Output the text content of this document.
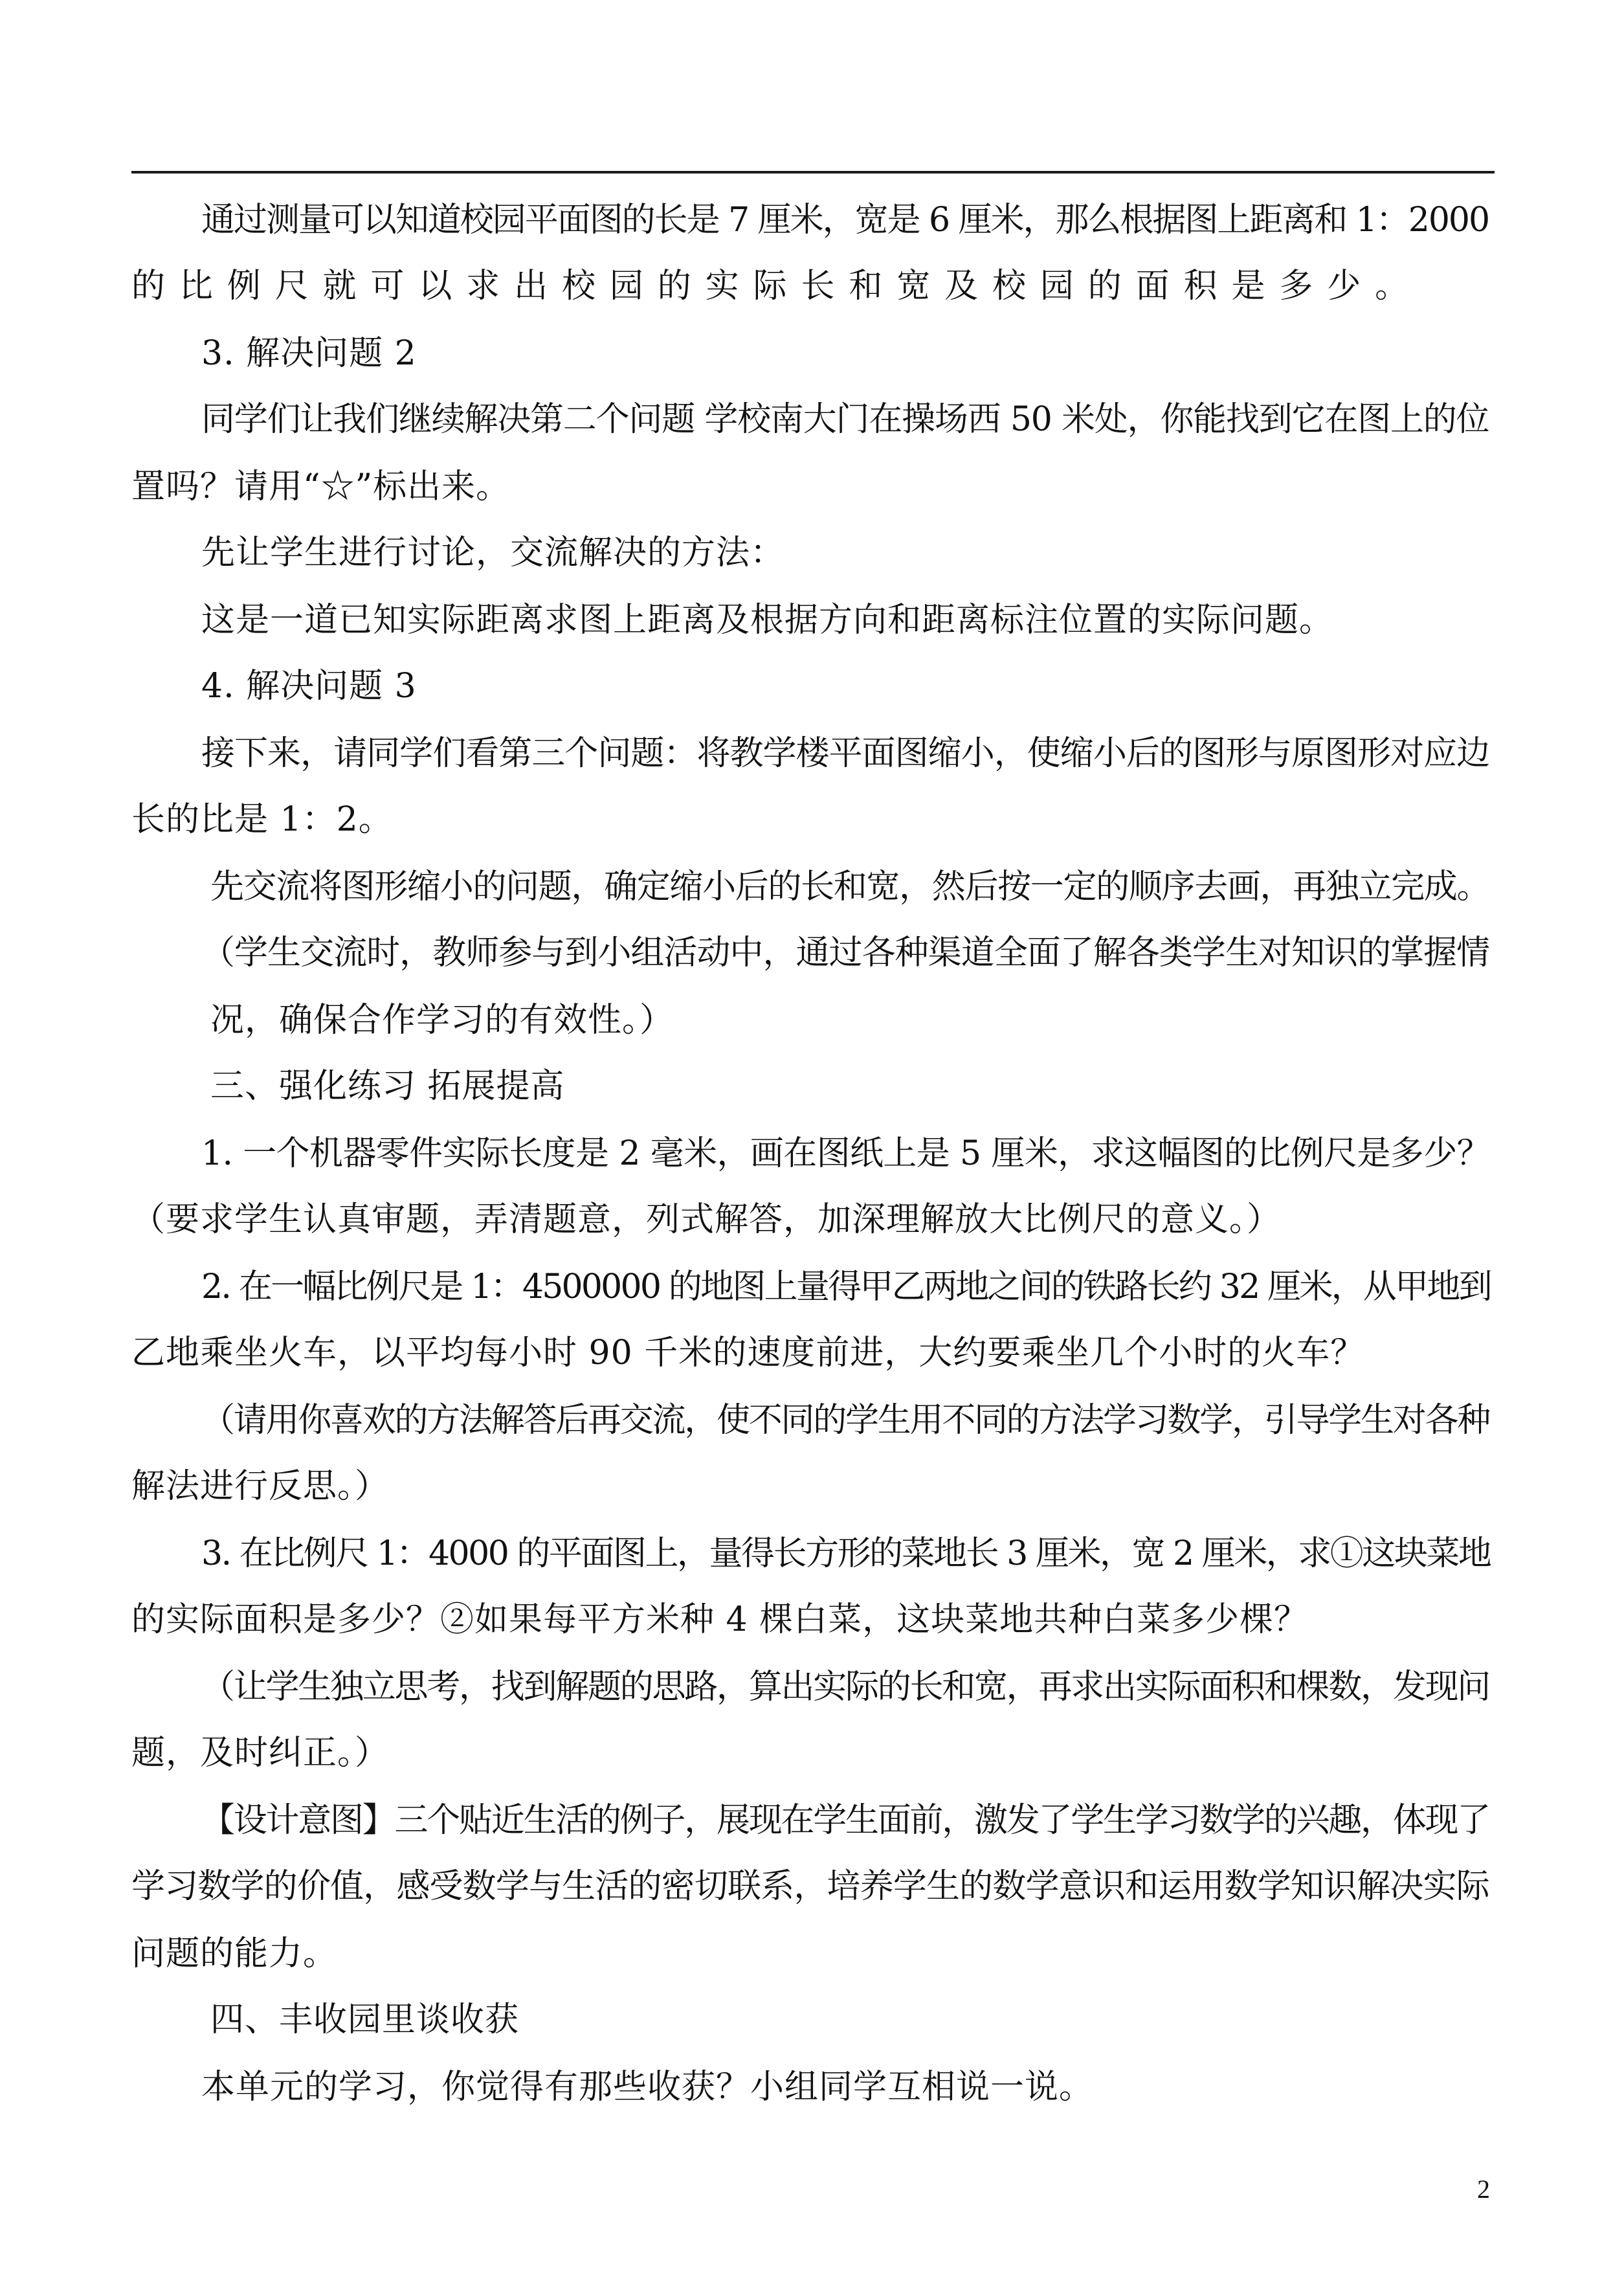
通过测量可以知道校园平面图的长是 7 厘米，宽是 6 厘米，那么根据图上距离和 1：2000
的比例尺就可以求出校园的实际长和宽及校园的面积是多少。
3. 解决问题 2
同学们让我们继续解决第二个问题 学校南大门在操场西 50 米处，你能找到它在图上的位
置吗？请用“☆”标出来。
先让学生进行讨论，交流解决的方法：
这是一道已知实际距离求图上距离及根据方向和距离标注位置的实际问题。
4. 解决问题 3
接下来，请同学们看第三个问题：将教学楼平面图缩小，使缩小后的图形与原图形对应边
长的比是 1：2。
先交流将图形缩小的问题，确定缩小后的长和宽，然后按一定的顺序去画，再独立完成。
（学生交流时，教师参与到小组活动中，通过各种渠道全面了解各类学生对知识的掌握情
况，确保合作学习的有效性。）
三、强化练习 拓展提高
1. 一个机器零件实际长度是 2 毫米，画在图纸上是 5 厘米，求这幅图的比例尺是多少？
（要求学生认真审题，弄清题意，列式解答，加深理解放大比例尺的意义。）
2. 在一幅比例尺是 1：4500000 的地图上量得甲乙两地之间的铁路长约 32 厘米，从甲地到
乙地乘坐火车，以平均每小时 90 千米的速度前进，大约要乘坐几个小时的火车？
（请用你喜欢的方法解答后再交流，使不同的学生用不同的方法学习数学，引导学生对各种
解法进行反思。）
3. 在比例尺 1：4000 的平面图上，量得长方形的菜地长 3 厘米，宽 2 厘米，求①这块菜地
的实际面积是多少？②如果每平方米种 4 棵白菜，这块菜地共种白菜多少棵？
（让学生独立思考，找到解题的思路，算出实际的长和宽，再求出实际面积和棵数，发现问
题，及时纠正。）
【设计意图】三个贴近生活的例子，展现在学生面前，激发了学生学习数学的兴趣，体现了
学习数学的价值，感受数学与生活的密切联系，培养学生的数学意识和运用数学知识解决实际
问题的能力。
四、丰收园里谈收获
本单元的学习，你觉得有那些收获？小组同学互相说一说。
2
